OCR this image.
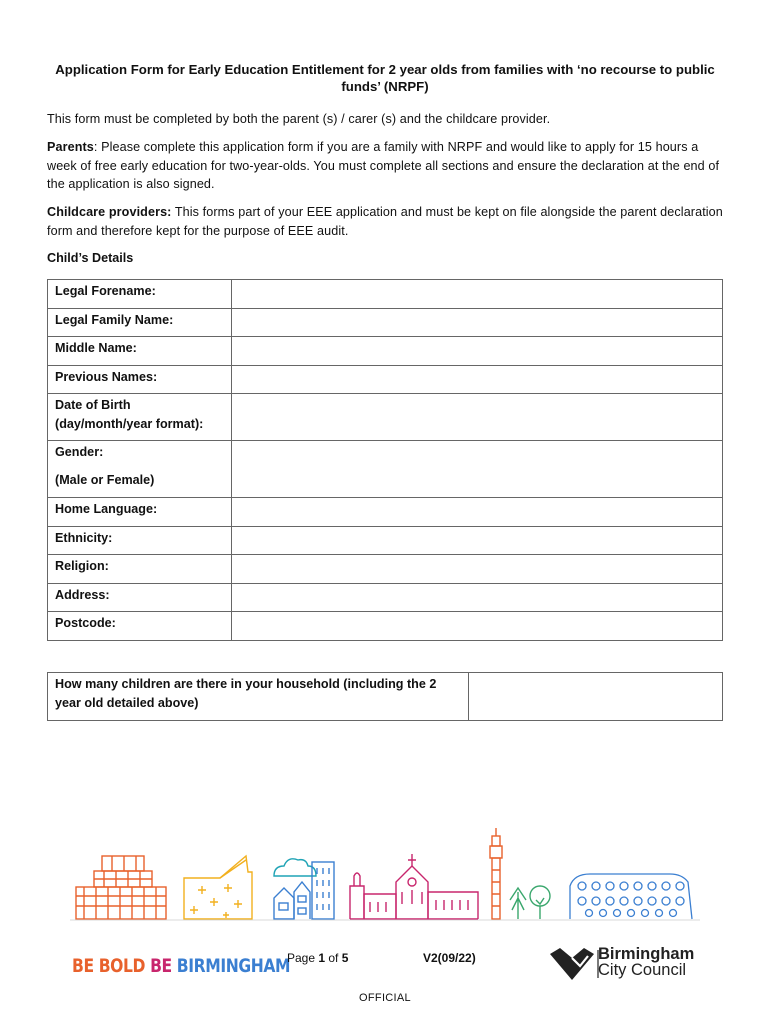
Application Form for Early Education Entitlement for 2 year olds from families with ‘no recourse to public funds’ (NRPF)
This form must be completed by both the parent (s) / carer (s) and the childcare provider.
Parents: Please complete this application form if you are a family with NRPF and would like to apply for 15 hours a week of free early education for two-year-olds. You must complete all sections and ensure the declaration at the end of the application is also signed.
Childcare providers: This forms part of your EEE application and must be kept on file alongside the parent declaration form and therefore kept for the purpose of EEE audit.
Child’s Details
Legal Forename:	

Legal Family Name:	

Middle Name:	

Previous Names:	

Date of Birth (day/month/year format):	

Gender:
(Male or Female)

Home Language:	

Ethnicity:	

Religion:	

Address:	

Postcode:	
How many children are there in your household (including the 2 year old detailed above)	
BE BOLD BE BIRMINGHAM
Page 1 of 5	V2(09/22)	Birmingham
City Council
OFFICIAL
